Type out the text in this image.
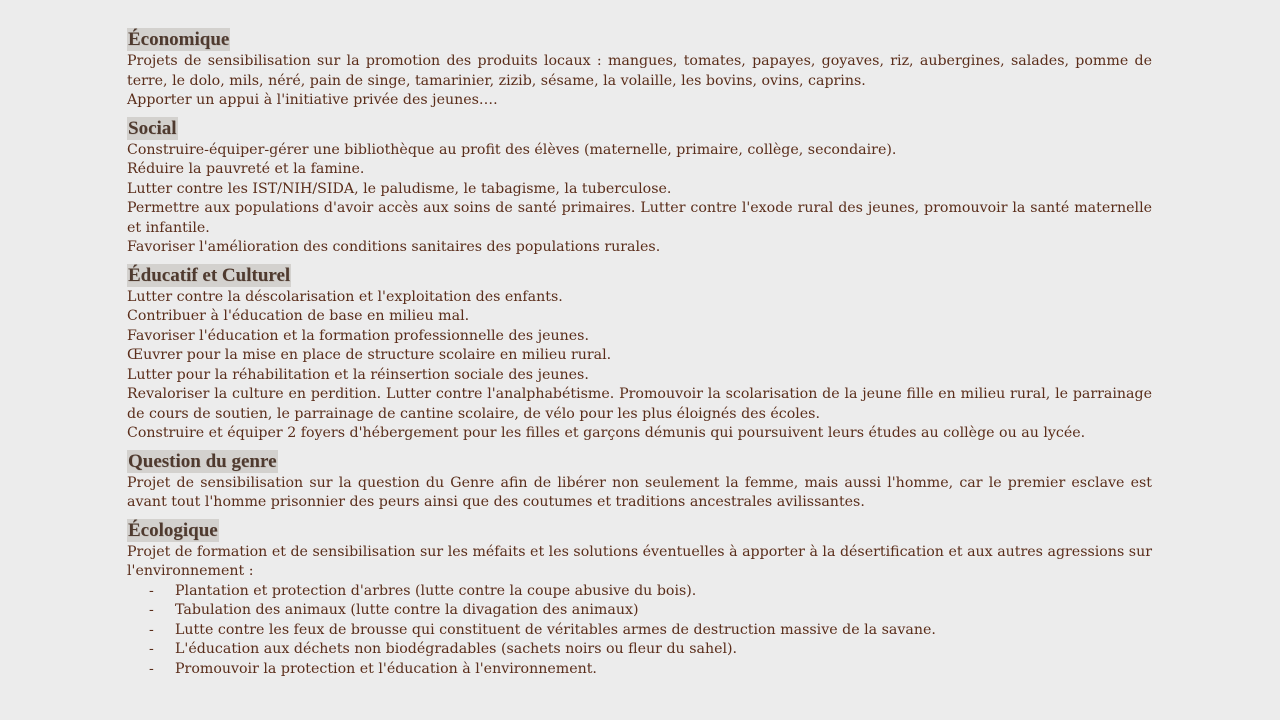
Économique

Projets de sensibilisation sur la promotion des produits locaux : mangues, tomates, papayes, goyaves, riz, aubergines, salades, pomme de terre, le dolo, mils, néré, pain de singe, tamarinier, zizib, sésame, la volaille, les bovins, ovins, caprins.

Apporter un appui à l'initiative privée des jeunes….

Social

Construire-équiper-gérer une bibliothèque au profit des élèves (maternelle, primaire, collège, secondaire).

Réduire la pauvreté et la famine.

Lutter contre les IST/NIH/SIDA, le paludisme, le tabagisme, la tuberculose.

Permettre aux populations d'avoir accès aux soins de santé primaires. Lutter contre l'exode rural des jeunes, promouvoir la santé maternelle et infantile.

Favoriser l'amélioration des conditions sanitaires des populations rurales.

Éducatif et Culturel

Lutter contre la déscolarisation et l'exploitation des enfants.

Contribuer à l'éducation de base en milieu mal.

Favoriser l'éducation et la formation professionnelle des jeunes.

Œuvrer pour la mise en place de structure scolaire en milieu rural.

Lutter pour la réhabilitation et la réinsertion sociale des jeunes.

Revaloriser la culture en perdition. Lutter contre l'analphabétisme. Promouvoir la scolarisation de la jeune fille en milieu rural, le parrainage de cours de soutien, le parrainage de cantine scolaire, de vélo pour les plus éloignés des écoles.

Construire et équiper 2 foyers d'hébergement pour les filles et garçons démunis qui poursuivent leurs études au collège ou au lycée.

Question du genre

Projet de sensibilisation sur la question du Genre afin de libérer non seulement la femme, mais aussi l'homme, car le premier esclave est avant tout l'homme prisonnier des peurs ainsi que des coutumes et traditions ancestrales avilissantes.

Écologique

Projet de formation et de sensibilisation sur les méfaits et les solutions éventuelles à apporter à la désertification et aux autres agressions sur l'environnement :

-	Plantation et protection d'arbres (lutte contre la coupe abusive du bois).
-	Tabulation des animaux (lutte contre la divagation des animaux)
-	Lutte contre les feux de brousse qui constituent de véritables armes de destruction massive de la savane.
-	L'éducation aux déchets non biodégradables (sachets noirs ou fleur du sahel).
-	Promouvoir la protection et l'éducation à l'environnement.
